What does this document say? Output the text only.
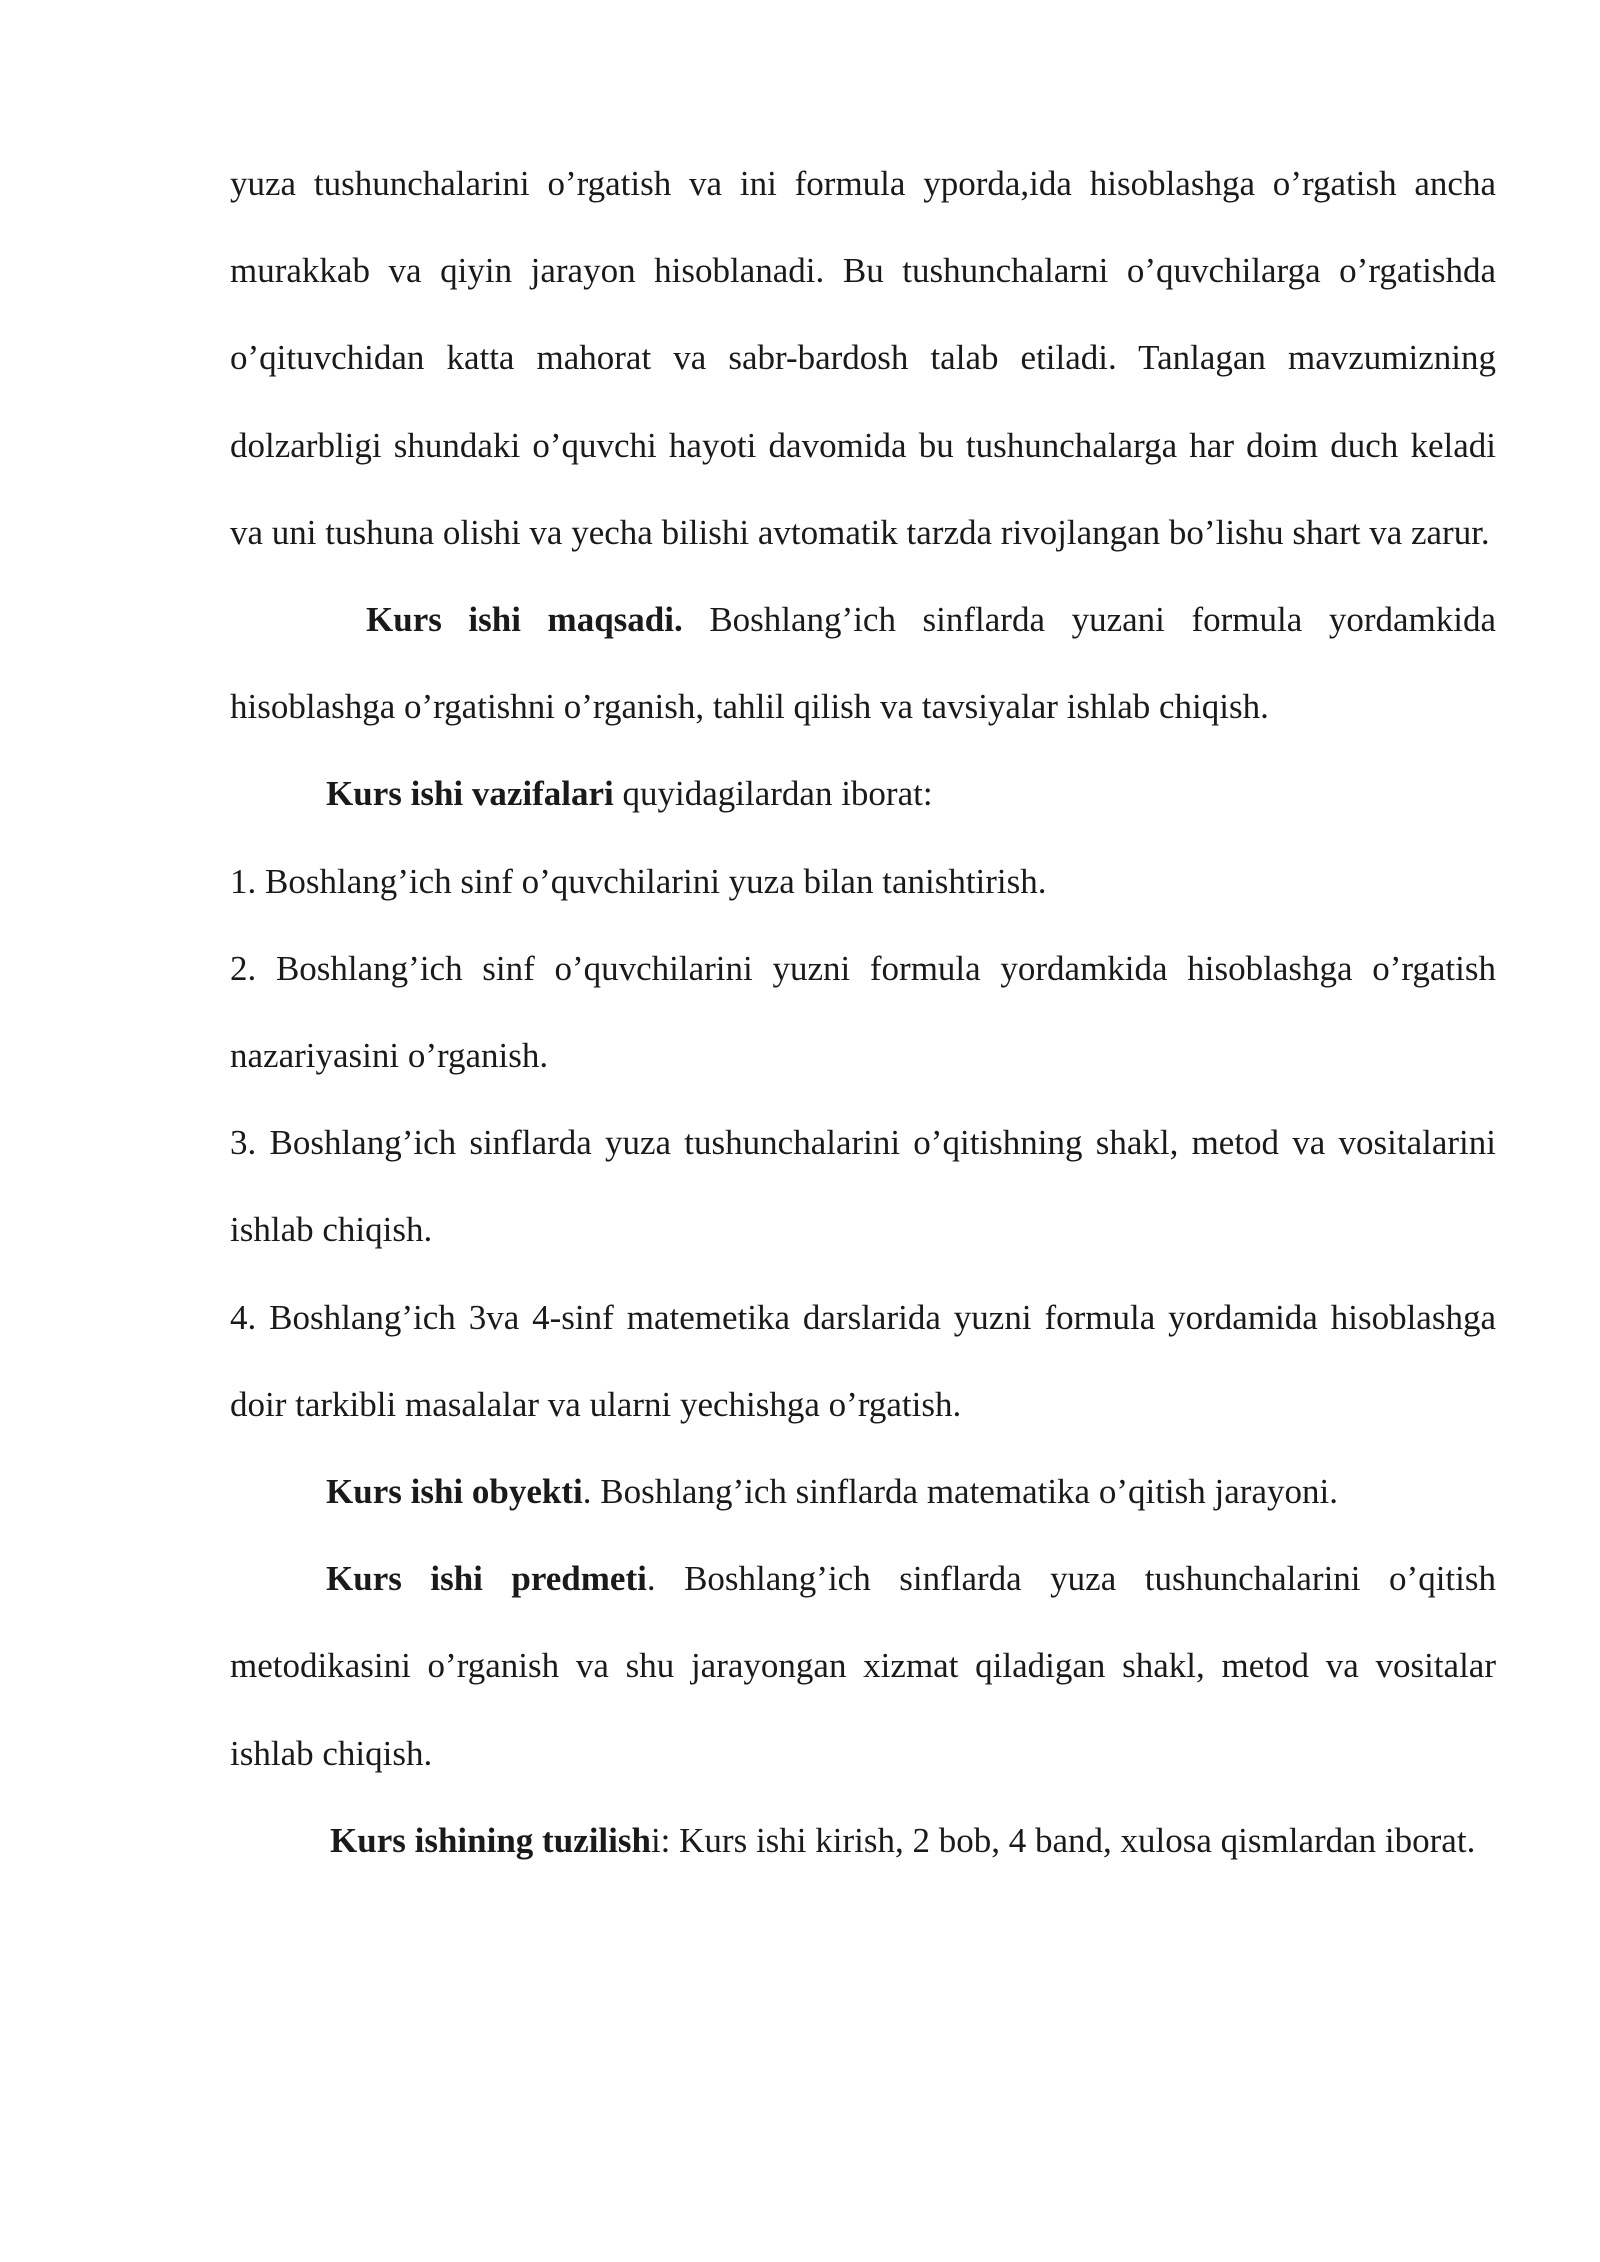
yuza tushunchalarini o’rgatish va ini formula yporda,ida hisoblashga o’rgatish ancha murakkab va qiyin jarayon hisoblanadi. Bu tushunchalarni o’quvchilarga o’rgatishda o’qituvchidan katta mahorat va sabr-bardosh talab etiladi. Tanlagan mavzumizning dolzarbligi shundaki o’quvchi hayoti davomida bu tushunchalarga har doim duch keladi va uni tushuna olishi va yecha bilishi avtomatik tarzda rivojlangan bo’lishu shart va zarur.

Kurs ishi maqsadi. Boshlang’ich sinflarda yuzani formula yordamkida hisoblashga o’rgatishni o’rganish, tahlil qilish va tavsiyalar ishlab chiqish.

Kurs ishi vazifalari quyidagilardan iborat:

1. Boshlang’ich sinf o’quvchilarini yuza bilan tanishtirish.

2. Boshlang’ich sinf o’quvchilarini yuzni formula yordamkida hisoblashga o’rgatish nazariyasini o’rganish.

3. Boshlang’ich sinflarda yuza tushunchalarini o’qitishning shakl, metod va vositalarini ishlab chiqish.

4. Boshlang’ich 3va 4-sinf matemetika darslarida yuzni formula yordamida hisoblashga doir tarkibli masalalar va ularni yechishga o’rgatish.

Kurs ishi obyekti. Boshlang’ich sinflarda matematika o’qitish jarayoni.

Kurs ishi predmeti. Boshlang’ich sinflarda yuza tushunchalarini o’qitish metodikasini o’rganish va shu jarayongan xizmat qiladigan shakl, metod va vositalar ishlab chiqish.

Kurs ishining tuzilishi: Kurs ishi kirish, 2 bob, 4 band, xulosa qismlardan iborat.
